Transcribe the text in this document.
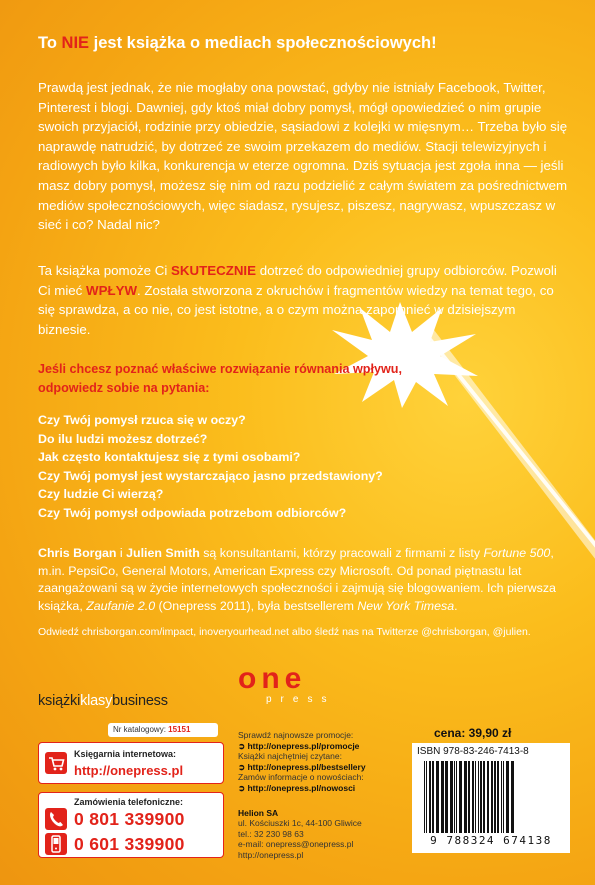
To NIE jest książka o mediach społecznościowych!
Prawdą jest jednak, że nie mogłaby ona powstać, gdyby nie istniały Facebook, Twitter, Pinterest i blogi. Dawniej, gdy ktoś miał dobry pomysł, mógł opowiedzieć o nim grupie swoich przyjaciół, rodzinie przy obiedzie, sąsiadowi z kolejki w mięsnym… Trzeba było się naprawdę natrudzić, by dotrzeć ze swoim przekazem do mediów. Stacji telewizyjnych i radiowych było kilka, konkurencja w eterze ogromna. Dziś sytuacja jest zgoła inna — jeśli masz dobry pomysł, możesz się nim od razu podzielić z całym światem za pośrednictwem mediów społecznościowych, więc siadasz, rysujesz, piszesz, nagrywasz, wpuszczasz w sieć i co? Nadal nic?
Ta książka pomoże Ci SKUTECZNIE dotrzeć do odpowiedniej grupy odbiorców. Pozwoli Ci mieć WPŁYW. Została stworzona z okruchów i fragmentów wiedzy na temat tego, co się sprawdza, a co nie, co jest istotne, a o czym można zapomnieć w dzisiejszym biznesie.
Jeśli chcesz poznać właściwe rozwiązanie równania wpływu, odpowiedz sobie na pytania:
Czy Twój pomysł rzuca się w oczy?
Do ilu ludzi możesz dotrzeć?
Jak często kontaktujesz się z tymi osobami?
Czy Twój pomysł jest wystarczająco jasno przedstawiony?
Czy ludzie Ci wierzą?
Czy Twój pomysł odpowiada potrzebom odbiorców?
Chris Borgan i Julien Smith są konsultantami, którzy pracowali z firmami z listy Fortune 500, m.in. PepsiCo, General Motors, American Express czy Microsoft. Od ponad piętnastu lat zaangażowani są w życie internetowych społeczności i zajmują się blogowaniem. Ich pierwsza książka, Zaufanie 2.0 (Onepress 2011), była bestsellerem New York Timesa.
Odwiedź chrisborgan.com/impact, inoveryourhead.net albo śledź nas na Twitterze @chrisborgan, @julien.
książkiklasybusiness
Nr katalogowy: 15151
Księgarnia internetowa:
http://onepress.pl
Zamówienia telefoniczne:
0 801 339900
0 601 339900
one
press
Sprawdź najnowsze promocje:
➲ http://onepress.pl/promocje
Książki najchętniej czytane:
➲ http://onepress.pl/bestsellery
Zamów informacje o nowościach:
➲ http://onepress.pl/nowosci
Helion SA
ul. Kościuszki 1c, 44-100 Gliwice
tel.: 32 230 98 63
e-mail: onepress@onepress.pl
http://onepress.pl
cena: 39,90 zł
ISBN 978-83-246-7413-8
9 788324 674138
